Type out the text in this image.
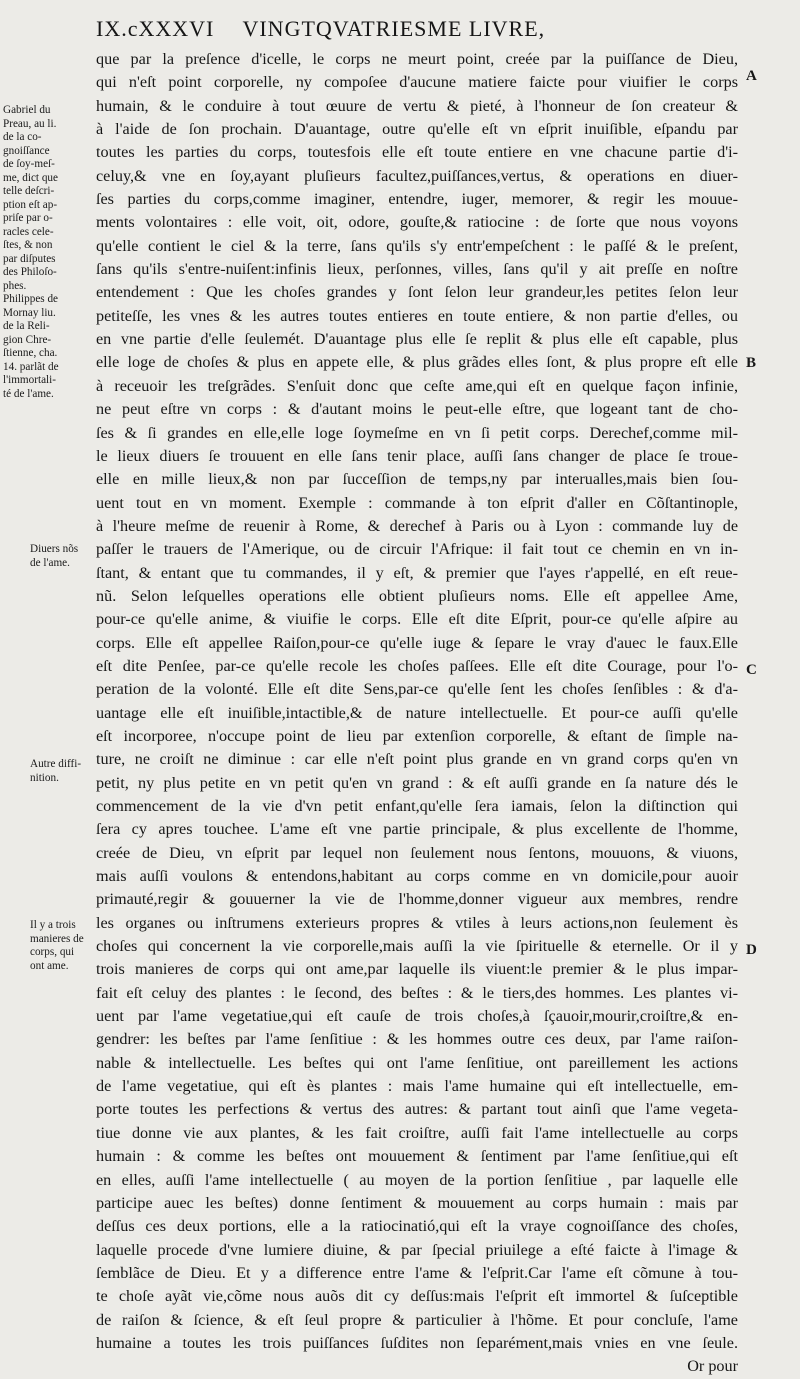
IX.cXXXVI VINGTQVATRIESME LIVRE,
que par la preſence d'icelle, le corps ne meurt point, creée par la puiſſance de Dieu,
qui n'eſt point corporelle, ny compoſee d'aucune matiere faicte pour viuifier le corps
humain, & le conduire à tout œuure de vertu & pieté, à l'honneur de ſon createur &
à l'aide de ſon prochain. D'auantage, outre qu'elle eſt vn eſprit inuiſible, eſpandu par
toutes les parties du corps, toutesfois elle eſt toute entiere en vne chacune partie d'i-
celuy,& vne en ſoy,ayant pluſieurs facultez,puiſſances,vertus, & operations en diuer-
ſes parties du corps,comme imaginer, entendre, iuger, memorer, & regir les mouue-
ments volontaires : elle voit, oit, odore, gouſte,& ratiocine : de ſorte que nous voyons
qu'elle contient le ciel & la terre, ſans qu'ils s'y entr'empeſchent : le paſſé & le preſent,
ſans qu'ils s'entre-nuiſent:infinis lieux, perſonnes, villes, ſans qu'il y ait preſſe en noſtre
entendement : Que les choſes grandes y ſont ſelon leur grandeur,les petites ſelon leur
petiteſſe, les vnes & les autres toutes entieres en toute entiere, & non partie d'elles, ou
en vne partie d'elle ſeulemét. D'auantage plus elle ſe replit & plus elle eſt capable, plus
elle loge de choſes & plus en appete elle, & plus grãdes elles ſont, & plus propre eſt elle
à receuoir les treſgrãdes. S'enſuit donc que ceſte ame,qui eſt en quelque façon infinie,
ne peut eſtre vn corps : & d'autant moins le peut-elle eſtre, que logeant tant de cho-
ſes & ſi grandes en elle,elle loge ſoymeſme en vn ſi petit corps. Derechef,comme mil-
le lieux diuers ſe trouuent en elle ſans tenir place, auſſi ſans changer de place ſe troue-
elle en mille lieux,& non par ſucceſſion de temps,ny par interualles,mais bien ſou-
uent tout en vn moment. Exemple : commande à ton eſprit d'aller en Cõſtantinople,
à l'heure meſme de reuenir à Rome, & derechef à Paris ou à Lyon : commande luy de
paſſer le trauers de l'Amerique, ou de circuir l'Afrique: il fait tout ce chemin en vn in-
ſtant, & entant que tu commandes, il y eſt, & premier que l'ayes r'appellé, en eſt reue-
nũ. Selon leſquelles operations elle obtient pluſieurs noms. Elle eſt appellee Ame,
pour-ce qu'elle anime, & viuifie le corps. Elle eſt dite Eſprit, pour-ce qu'elle aſpire au
corps. Elle eſt appellee Raiſon,pour-ce qu'elle iuge & ſepare le vray d'auec le faux.Elle
eſt dite Penſee, par-ce qu'elle recole les choſes paſſees. Elle eſt dite Courage, pour l'o-
peration de la volonté. Elle eſt dite Sens,par-ce qu'elle ſent les choſes ſenſibles : & d'a-
uantage elle eſt inuiſible,intactible,& de nature intellectuelle. Et pour-ce auſſi qu'elle
eſt incorporee, n'occupe point de lieu par extenſion corporelle, & eſtant de ſimple na-
ture, ne croiſt ne diminue : car elle n'eſt point plus grande en vn grand corps qu'en vn
petit, ny plus petite en vn petit qu'en vn grand : & eſt auſſi grande en ſa nature dés le
commencement de la vie d'vn petit enfant,qu'elle ſera iamais, ſelon la diſtinction qui
ſera cy apres touchee. L'ame eſt vne partie principale, & plus excellente de l'homme,
creée de Dieu, vn eſprit par lequel non ſeulement nous ſentons, mouuons, & viuons,
mais auſſi voulons & entendons,habitant au corps comme en vn domicile,pour auoir
primauté,regir & gouuerner la vie de l'homme,donner vigueur aux membres, rendre
les organes ou inſtrumens exterieurs propres & vtiles à leurs actions,non ſeulement ès
choſes qui concernent la vie corporelle,mais auſſi la vie ſpirituelle & eternelle. Or il y
trois manieres de corps qui ont ame,par laquelle ils viuent:le premier & le plus impar-
fait eſt celuy des plantes : le ſecond, des beſtes : & le tiers,des hommes. Les plantes vi-
uent par l'ame vegetatiue,qui eſt cauſe de trois choſes,à ſçauoir,mourir,croiſtre,& en-
gendrer: les beſtes par l'ame ſenſitiue : & les hommes outre ces deux, par l'ame raiſon-
nable & intellectuelle. Les beſtes qui ont l'ame ſenſitiue, ont pareillement les actions
de l'ame vegetatiue, qui eſt ès plantes : mais l'ame humaine qui eſt intellectuelle, em-
porte toutes les perfections & vertus des autres: & partant tout ainſi que l'ame vegeta-
tiue donne vie aux plantes, & les fait croiſtre, auſſi fait l'ame intellectuelle au corps
humain : & comme les beſtes ont mouuement & ſentiment par l'ame ſenſitiue,qui eſt
en elles, auſſi l'ame intellectuelle ( au moyen de la portion ſenſitiue , par laquelle elle
participe auec les beſtes) donne ſentiment & mouuement au corps humain : mais par
deſſus ces deux portions, elle a la ratiocinatió,qui eſt la vraye cognoiſſance des choſes,
laquelle procede d'vne lumiere diuine, & par ſpecial priuilege a eſté faicte à l'image &
ſemblãce de Dieu. Et y a difference entre l'ame & l'eſprit.Car l'ame eſt cõmune à tou-
te choſe ayãt vie,cõme nous auõs dit cy deſſus:mais l'eſprit eſt immortel & ſuſceptible
de raiſon & ſcience, & eſt ſeul propre & particulier à l'hõme. Et pour concluſe, l'ame
humaine a toutes les trois puiſſances ſuſdites non ſeparément,mais vnies en vne ſeule.
Or pour
Gabriel du
Preau, au li.
de la co-
gnoiſſance
de ſoy-meſ-
me, dict que
telle deſcri-
ption eſt ap-
priſe par o-
racles cele-
ſtes, & non
par diſputes
des Philoſo-
phes.
Philippes de
Mornay liu.
de la Reli-
gion Chre-
ſtienne, cha.
14. parlãt de
l'immortali-
té de l'ame.
Diuers nõs
de l'ame.
Autre diffi-
nition.
Il y a trois
manieres de
corps, qui
ont ame.
A
B
C
D
